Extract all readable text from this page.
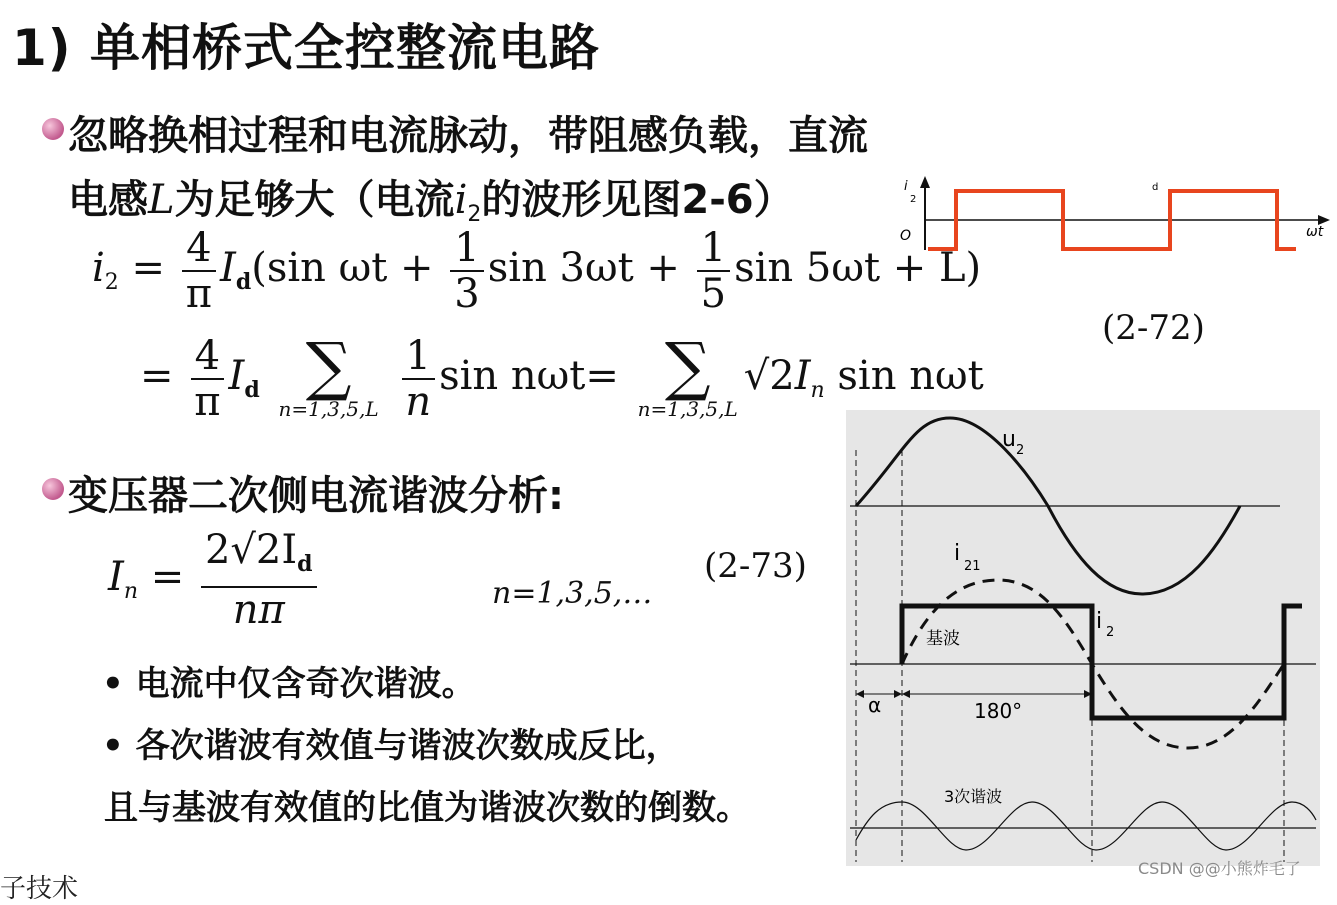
1) 单相桥式全控整流电路
忽略换相过程和电流脉动，带阻感负载，直流
电感L为足够大（电流$i_2$的波形见图2-6）	i
2
O
d
ωt
$i_2 = \frac{4}{\pi} I_d(\sin$ $\omega t + \frac{1}{3}$ $\sin 3\omega t + \frac{1}{5}$ sin 5ωt + L)
(2-72)
= $\frac{4}{\pi} I_d$ ∑
n=1,3,5,L
$\frac{1}{n}$ sin nωt= ∑
n=1,3,5,L
$√2I_n$ sin nωt
变压器二次侧电流谐波分析:
$I_n = \frac{2√2I_d}{n\pi}$	n=1,3,5,…
(2-73)
• 电流中仅含奇次谐波。
• 各次谐波有效值与谐波次数成反比，
且与基波有效值的比值为谐波次数的倒数。
u 2
i
21
i 2
基波
α	180°
3次谐波
子技术
CSDN @@小熊炸毛了
